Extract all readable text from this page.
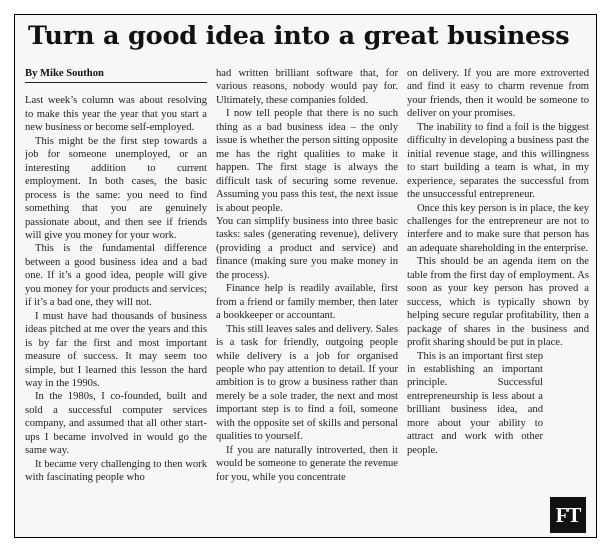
Turn a good idea into a great business
By Mike Southon

Last week’s column was about resolving to make this year the year that you start a new business or become self-employed.

This might be the first step towards a job for someone unemployed, or an interesting addition to current employment. In both cases, the basic process is the same: you need to find something that you are genuinely passionate about, and then see if friends will give you money for your work.

This is the fundamental difference between a good business idea and a bad one. If it’s a good idea, people will give you money for your products and services; if it’s a bad one, they will not.

I must have had thousands of business ideas pitched at me over the years and this is by far the first and most important measure of success. It may seem too simple, but I learned this lesson the hard way in the 1990s.

In the 1980s, I co-founded, built and sold a successful computer services company, and assumed that all other start-ups I became involved in would go the same way.

It became very challenging to then work with fascinating people who

had written brilliant software that, for various reasons, nobody would pay for. Ultimately, these companies folded.

I now tell people that there is no such thing as a bad business idea – the only issue is whether the person sitting opposite me has the right qualities to make it happen. The first stage is always the difficult task of securing some revenue. Assuming you pass this test, the next issue is about people.

You can simplify business into three basic tasks: sales (generating revenue), delivery (providing a product and service) and finance (making sure you make money in the process).

Finance help is readily available, first from a friend or family member, then later a bookkeeper or accountant.

This still leaves sales and delivery. Sales is a task for friendly, outgoing people while delivery is a job for organised people who pay attention to detail. If your ambition is to grow a business rather than merely be a sole trader, the next and most important step is to find a foil, someone with the opposite set of skills and personal qualities to yourself.

If you are naturally introverted, then it would be someone to generate the revenue for you, while you concentrate

on delivery. If you are more extroverted and find it easy to charm revenue from your friends, then it would be someone to deliver on your promises.

The inability to find a foil is the biggest difficulty in developing a business past the initial revenue stage, and this willingness to start building a team is what, in my experience, separates the successful from the unsuccessful entrepreneur.

Once this key person is in place, the key challenges for the entrepreneur are not to interfere and to make sure that person has an adequate shareholding in the enterprise.

This should be an agenda item on the table from the first day of employment. As soon as your key person has proved a success, which is typically shown by helping secure regular profitability, then a package of shares in the business and profit sharing should be put in place.

This is an important first step in establishing an important principle. Successful entrepreneurship is less about a brilliant business idea, and more about your ability to attract and work with other people.

FT
